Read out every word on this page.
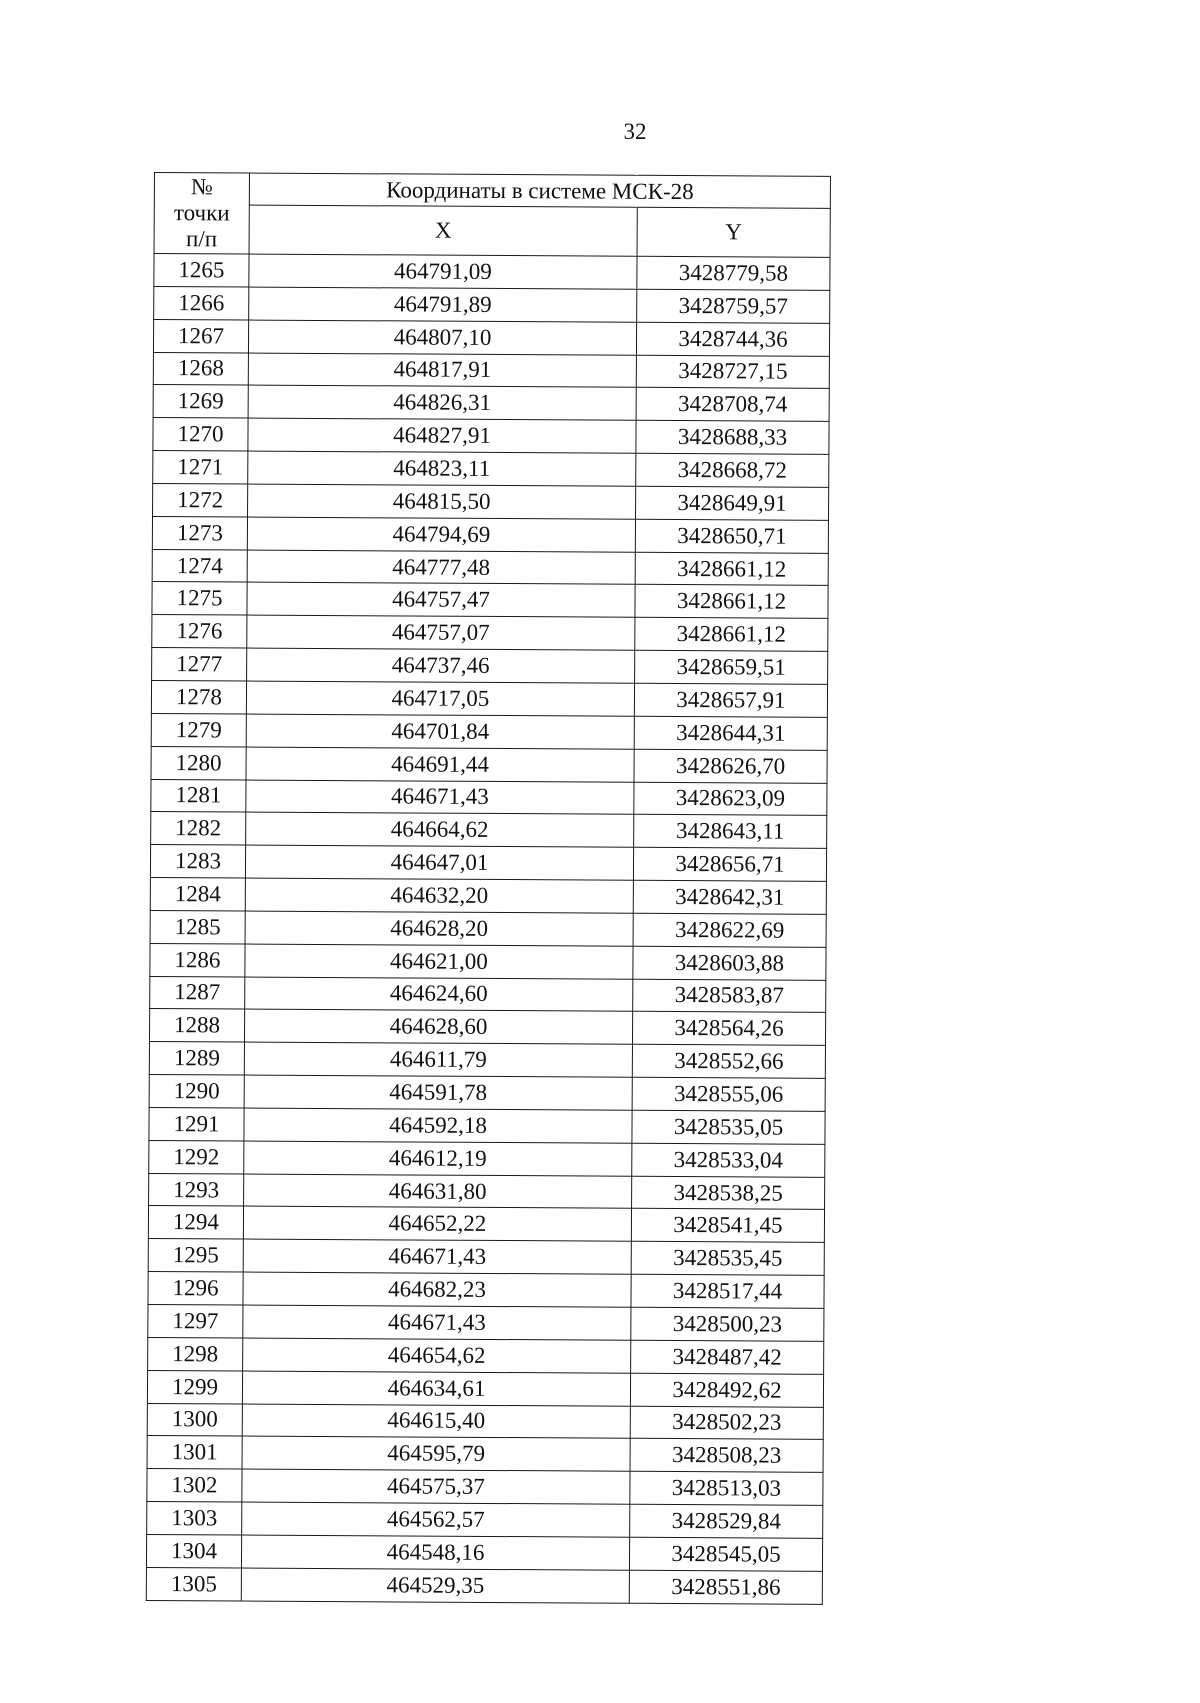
32
№
точки
п/п	Координаты в системе МСК-28	
	X	Y
1265	464791,09	3428779,58
1266	464791,89	3428759,57
1267	464807,10	3428744,36
1268	464817,91	3428727,15
1269	464826,31	3428708,74
1270	464827,91	3428688,33
1271	464823,11	3428668,72
1272	464815,50	3428649,91
1273	464794,69	3428650,71
1274	464777,48	3428661,12
1275	464757,47	3428661,12
1276	464757,07	3428661,12
1277	464737,46	3428659,51
1278	464717,05	3428657,91
1279	464701,84	3428644,31
1280	464691,44	3428626,70
1281	464671,43	3428623,09
1282	464664,62	3428643,11
1283	464647,01	3428656,71
1284	464632,20	3428642,31
1285	464628,20	3428622,69
1286	464621,00	3428603,88
1287	464624,60	3428583,87
1288	464628,60	3428564,26
1289	464611,79	3428552,66
1290	464591,78	3428555,06
1291	464592,18	3428535,05
1292	464612,19	3428533,04
1293	464631,80	3428538,25
1294	464652,22	3428541,45
1295	464671,43	3428535,45
1296	464682,23	3428517,44
1297	464671,43	3428500,23
1298	464654,62	3428487,42
1299	464634,61	3428492,62
1300	464615,40	3428502,23
1301	464595,79	3428508,23
1302	464575,37	3428513,03
1303	464562,57	3428529,84
1304	464548,16	3428545,05
1305	464529,35	3428551,86
